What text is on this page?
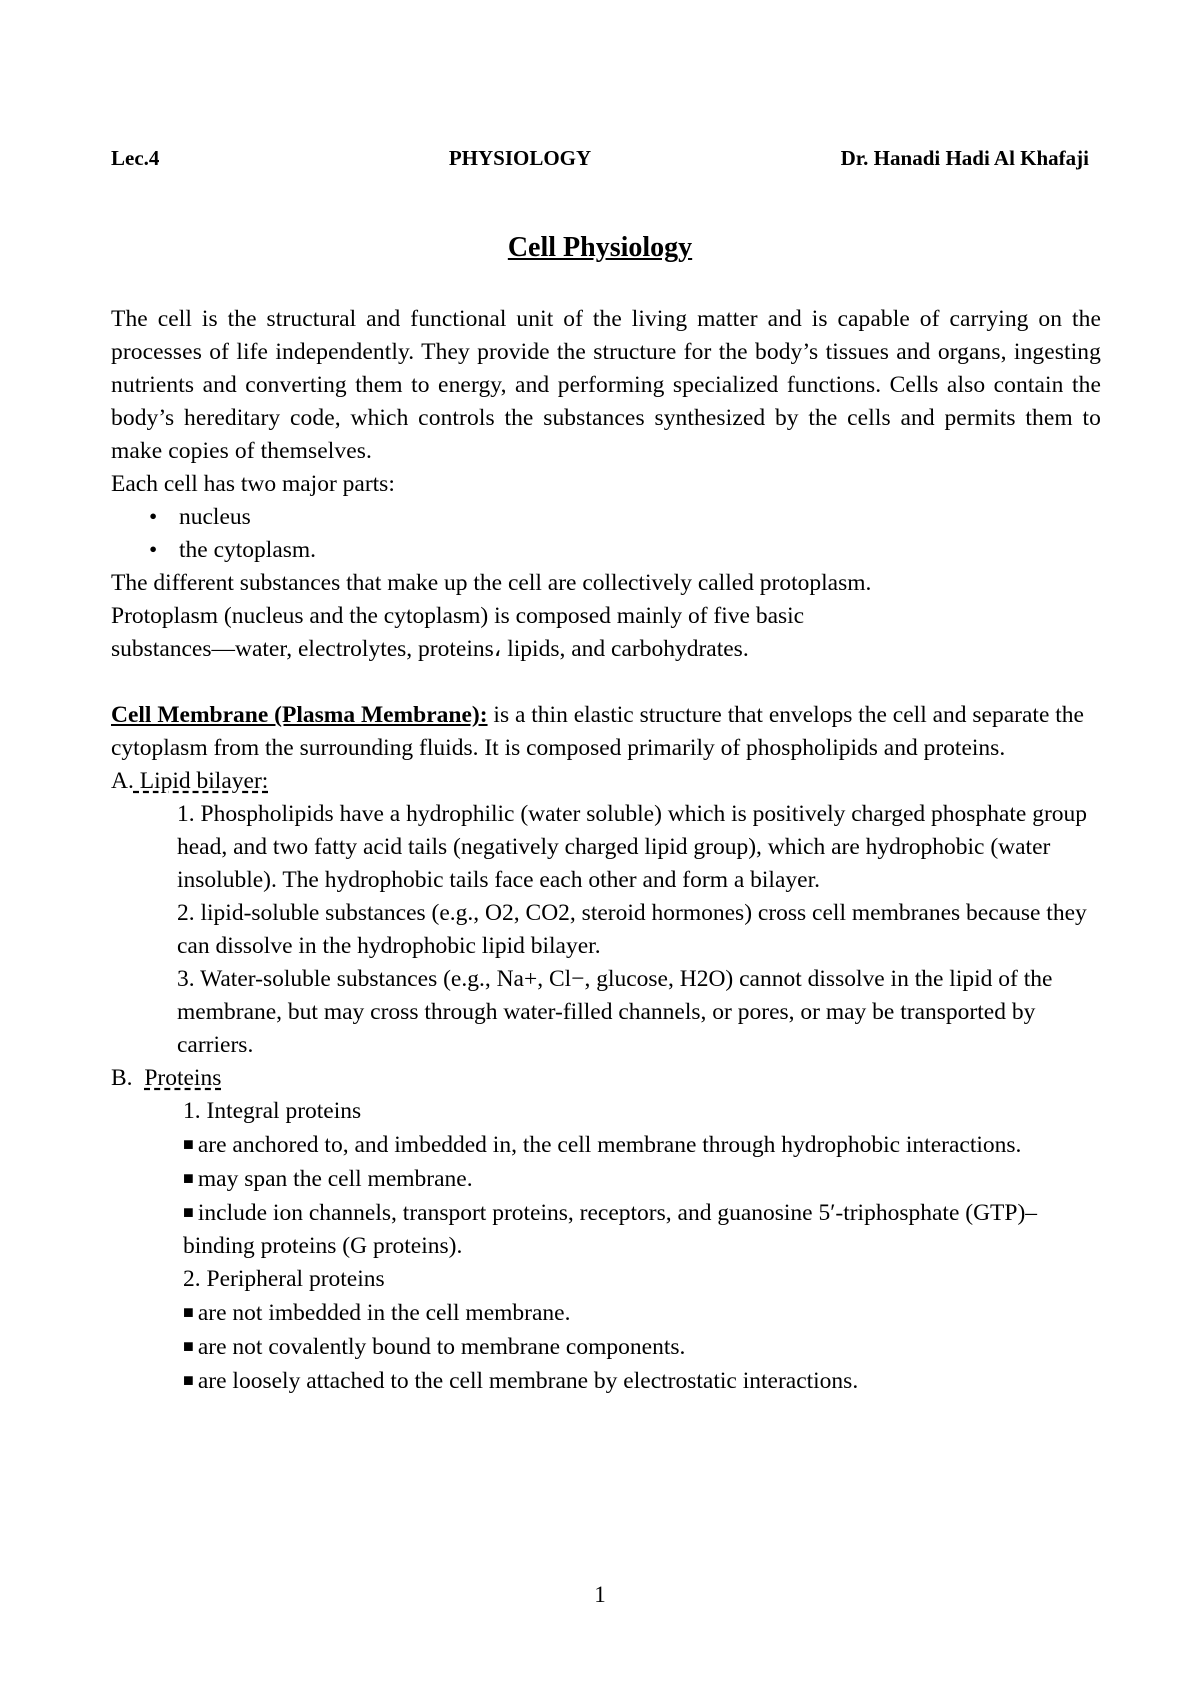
Lec.4	PHYSIOLOGY	Dr. Hanadi Hadi Al Khafaji
Cell Physiology

The cell is the structural and functional unit of the living matter and is capable of carrying on the processes of life independently. They provide the structure for the body’s tissues and organs, ingesting nutrients and converting them to energy, and performing specialized functions. Cells also contain the body’s hereditary code, which controls the substances synthesized by the cells and permits them to make copies of themselves.

Each cell has two major parts:

• nucleus
• the cytoplasm.

The different substances that make up the cell are collectively called protoplasm.

Protoplasm (nucleus and the cytoplasm) is composed mainly of five basic

substances—water, electrolytes, proteins، lipids, and carbohydrates.

Cell Membrane (Plasma Membrane): is a thin elastic structure that envelops the cell and separate the cytoplasm from the surrounding fluids. It is composed primarily of phospholipids and proteins.

A. Lipid bilayer:

1. Phospholipids have a hydrophilic (water soluble) which is positively charged phosphate group head, and two fatty acid tails (negatively charged lipid group), which are hydrophobic (water insoluble). The hydrophobic tails face each other and form a bilayer.

2. lipid-soluble substances (e.g., O2, CO2, steroid hormones) cross cell membranes because they can dissolve in the hydrophobic lipid bilayer.

3. Water-soluble substances (e.g., Na+, Cl−, glucose, H2O) cannot dissolve in the lipid of the membrane, but may cross through water-filled channels, or pores, or may be transported by carriers.

B. Proteins

1. Integral proteins

■ are anchored to, and imbedded in, the cell membrane through hydrophobic interactions.

■ may span the cell membrane.

■ include ion channels, transport proteins, receptors, and guanosine 5′-triphosphate (GTP)–binding proteins (G proteins).

2. Peripheral proteins

■ are not imbedded in the cell membrane.

■ are not covalently bound to membrane components.

■ are loosely attached to the cell membrane by electrostatic interactions.

1
